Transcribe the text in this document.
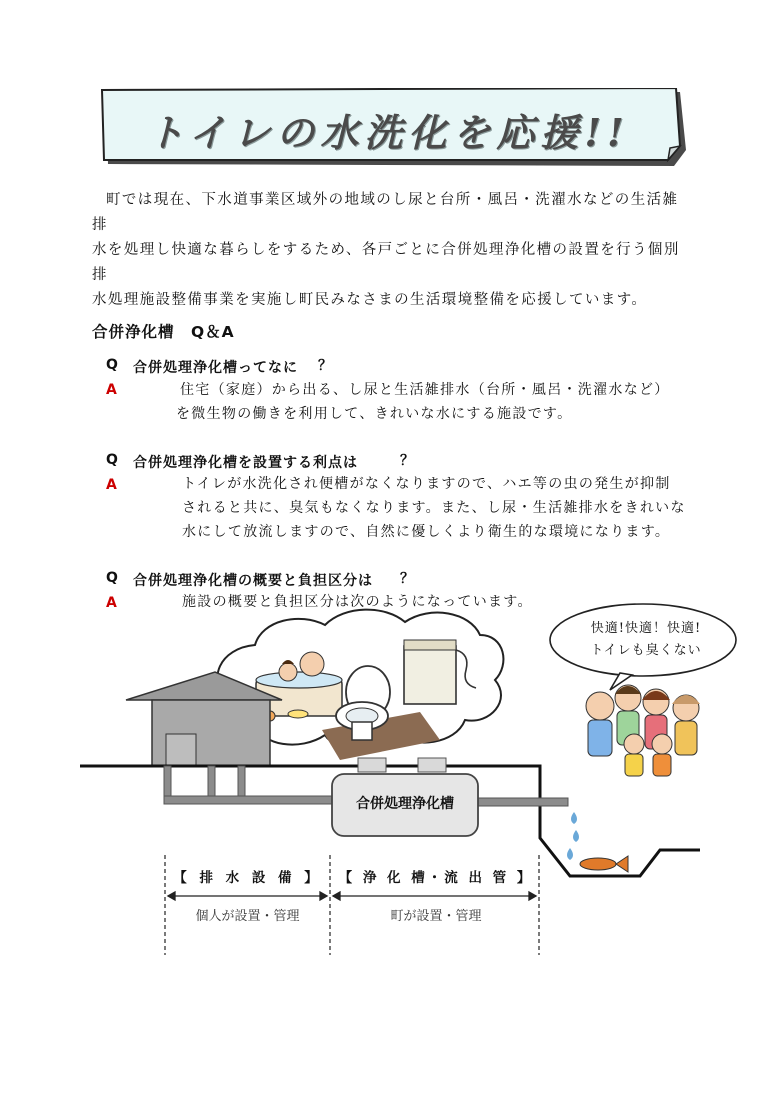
トイレの水洗化を応援!!
町では現在、下水道事業区域外の地域のし尿と台所・風呂・洗濯水などの生活雑排
水を処理し快適な暮らしをするため、各戸ごとに合併処理浄化槽の設置を行う個別排
水処理施設整備事業を実施し町民みなさまの生活環境整備を応援しています。
合併浄化槽　Q＆A
Q 合併処理浄化槽ってなに ？
A	住宅（家庭）から出る、し尿と生活雑排水（台所・風呂・洗濯水など）
を微生物の働きを利用して、きれいな水にする施設です。
Q 合併処理浄化槽を設置する利点は	？
A	トイレが水洗化され便槽がなくなりますので、ハエ等の虫の発生が抑制
されると共に、臭気もなくなります。また、し尿・生活雑排水をきれいな
水にして放流しますので、自然に優しくより衛生的な環境になります。
Q 合併処理浄化槽の概要と負担区分は ？
A	施設の概要と負担区分は次のようになっています。
合併処理浄化槽
快適!快適！快適!
トイレも臭くない
【 排 水 設 備 】
個人が設置・管理
【 浄 化 槽・流 出 管 】
町が設置・管理
